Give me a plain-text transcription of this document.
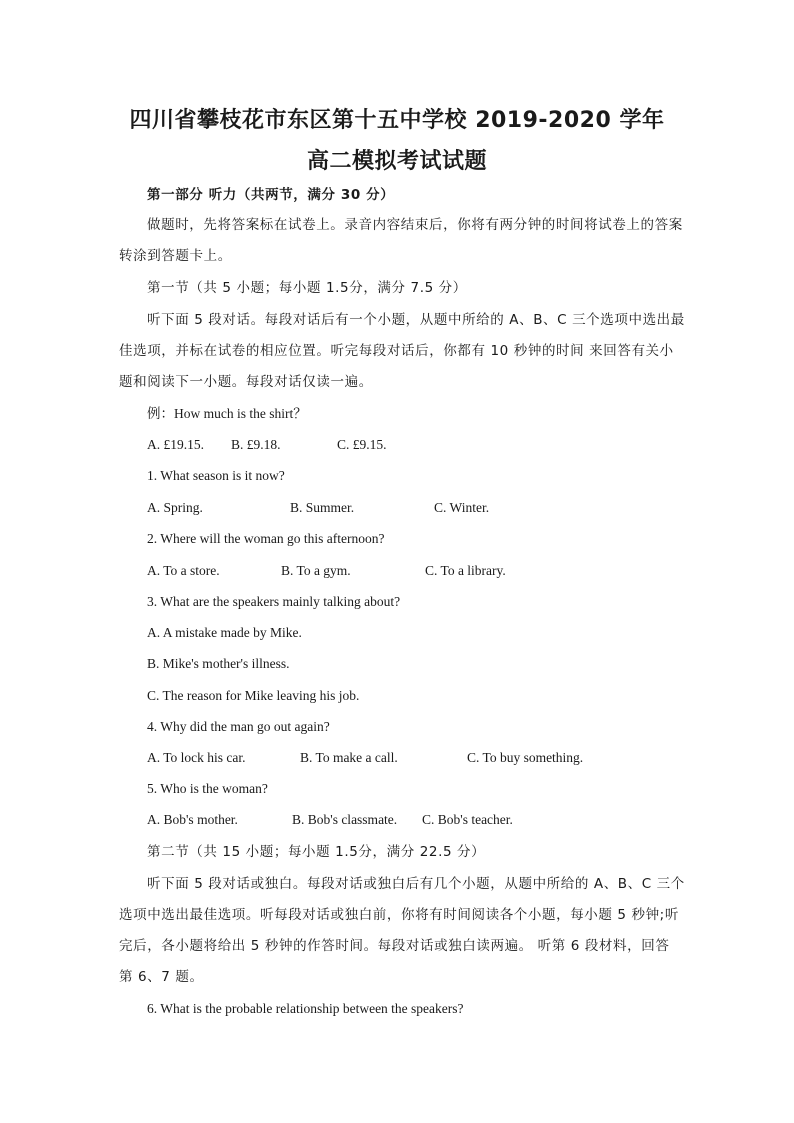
四川省攀枝花市东区第十五中学校 2019-2020 学年
高二模拟考试试题
第一部分 听力（共两节，满分 30 分）
做题时，先将答案标在试卷上。录音内容结束后，你将有两分钟的时间将试卷上的答案
转涂到答题卡上。
第一节（共 5 小题；每小题 1.5分，满分 7.5 分）
听下面 5 段对话。每段对话后有一个小题，从题中所给的 A、B、C 三个选项中选出最
佳选项，并标在试卷的相应位置。听完每段对话后，你都有 10 秒钟的时间 来回答有关小
题和阅读下一小题。每段对话仅读一遍。
例：How much is the shirt？
A. £19.15. B. £9.18.	C. £9.15.
1. What season is it now?
A. Spring.	B. Summer.	C. Winter.
2. Where will the woman go this afternoon?
A. To a store.	B. To a gym.	C. To a library.
3. What are the speakers mainly talking about?
A. A mistake made by Mike.
B. Mike's mother's illness.
C. The reason for Mike leaving his job.
4. Why did the man go out again?
A. To lock his car.	B. To make a call.	C. To buy something.
5. Who is the woman?
A. Bob's mother.	B. Bob's classmate. C. Bob's teacher.
第二节（共 15 小题；每小题 1.5分，满分 22.5 分）
听下面 5 段对话或独白。每段对话或独白后有几个小题，从题中所给的 A、B、C 三个
选项中选出最佳选项。听每段对话或独白前，你将有时间阅读各个小题，每小题 5 秒钟;听
完后，各小题将给出 5 秒钟的作答时间。每段对话或独白读两遍。 听第 6 段材料，回答
第 6、7 题。
6. What is the probable relationship between the speakers?
